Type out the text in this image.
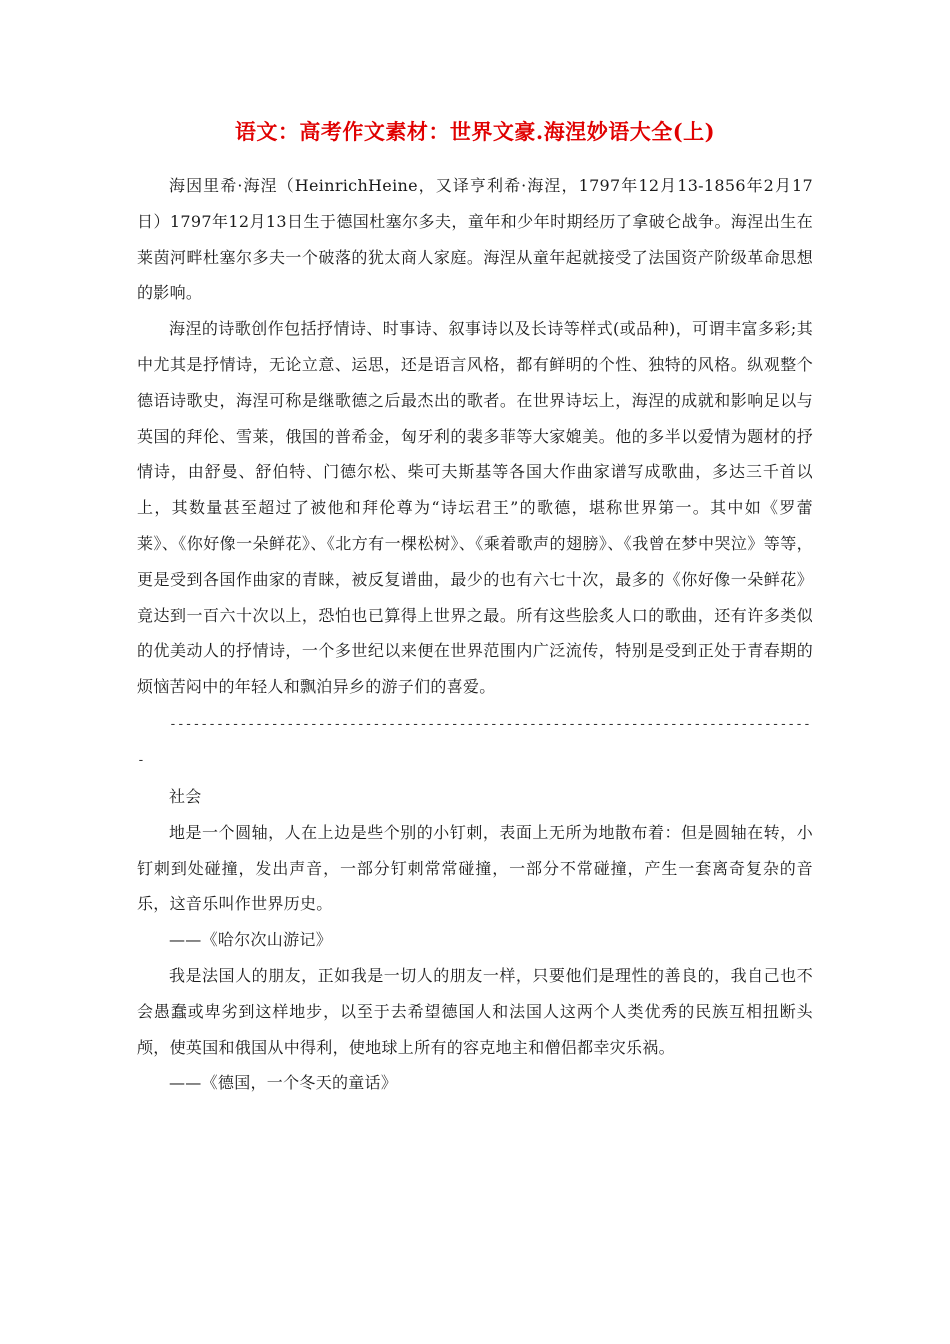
语文：高考作文素材：世界文豪.海涅妙语大全(上)

海因里希·海涅（HeinrichHeine，又译亨利希·海涅，1797年12月13-1856年2月17日）1797年12月13日生于德国杜塞尔多夫，童年和少年时期经历了拿破仑战争。海涅出生在莱茵河畔杜塞尔多夫一个破落的犹太商人家庭。海涅从童年起就接受了法国资产阶级革命思想的影响。

海涅的诗歌创作包括抒情诗、时事诗、叙事诗以及长诗等样式(或品种)，可谓丰富多彩;其中尤其是抒情诗，无论立意、运思，还是语言风格，都有鲜明的个性、独特的风格。纵观整个德语诗歌史，海涅可称是继歌德之后最杰出的歌者。在世界诗坛上，海涅的成就和影响足以与英国的拜伦、雪莱，俄国的普希金，匈牙利的裴多菲等大家媲美。他的多半以爱情为题材的抒情诗，由舒曼、舒伯特、门德尔松、柴可夫斯基等各国大作曲家谱写成歌曲，多达三千首以上，其数量甚至超过了被他和拜伦尊为“诗坛君王”的歌德，堪称世界第一。其中如《罗蕾莱》、《你好像一朵鲜花》、《北方有一棵松树》、《乘着歌声的翅膀》、《我曾在梦中哭泣》等等，更是受到各国作曲家的青睐，被反复谱曲，最少的也有六七十次，最多的《你好像一朵鲜花》竟达到一百六十次以上，恐怕也已算得上世界之最。所有这些脍炙人口的歌曲，还有许多类似的优美动人的抒情诗，一个多世纪以来便在世界范围内广泛流传，特别是受到正处于青春期的烦恼苦闷中的年轻人和飘泊异乡的游子们的喜爱。

-----------------------------------------------------------------------------------

社会

地是一个圆轴，人在上边是些个别的小钉刺，表面上无所为地散布着：但是圆轴在转，小钉刺到处碰撞，发出声音，一部分钉刺常常碰撞，一部分不常碰撞，产生一套离奇复杂的音乐，这音乐叫作世界历史。

——《哈尔次山游记》

我是法国人的朋友，正如我是一切人的朋友一样，只要他们是理性的善良的，我自己也不会愚蠢或卑劣到这样地步，以至于去希望德国人和法国人这两个人类优秀的民族互相扭断头颅，使英国和俄国从中得利，使地球上所有的容克地主和僧侣都幸灾乐祸。

——《德国，一个冬天的童话》
